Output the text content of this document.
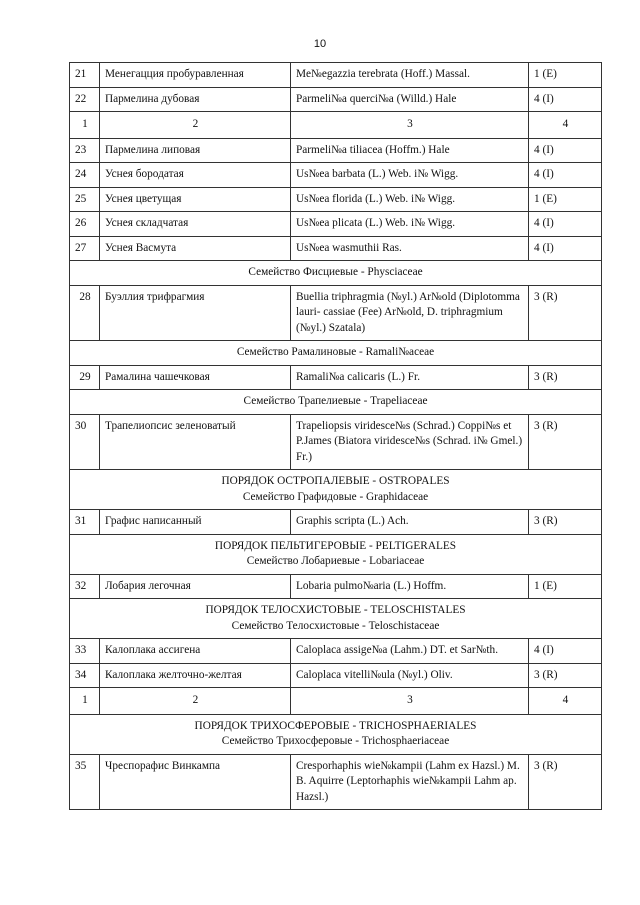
10
21	Менегацция пробуравленная	Me№egazzia terebrata (Hoff.) Massal.	1 (E)
22	Пармелина дубовая	Parmeli№a querci№a (Willd.) Hale	4 (I)
1	2	3	4
23	Пармелина липовая	Parmeli№a tiliacea (Hoffm.) Hale	4 (I)
24	Уснея бородатая	Us№ea barbata (L.) Web. i№ Wigg.	4 (I)
25	Уснея цветущая	Us№ea florida (L.) Web. i№ Wigg.	1 (E)
26	Уснея складчатая	Us№ea plicata (L.) Web. i№ Wigg.	4 (I)
27	Уснея Васмута	Us№ea wasmuthii Ras.	4 (I)

Семейство Фисциевые - Physciaceae			

28	Буэллия трифрагмия	Buellia triphragmia (№yl.) Ar№old (Diplotomma lauri- cassiae (Fee) Ar№old, D. triphragmium (№yl.) Szatala)	3 (R)

Семейство Рамалиновые - Ramali№aceae			

29	Рамалина чашечковая	Ramali№a calicaris (L.) Fr.	3 (R)

Семейство Трапелиевые - Trapeliaceae			

30	Трапелиопсис зеленоватый	Trapeliopsis viridesce№s (Schrad.) Coppi№s et P.James (Biatora viridesce№s (Schrad. i№ Gmel.) Fr.)	3 (R)

ПОРЯДОК ОСТРОПАЛЕВЫЕ - OSTROPALES
Семейство Графидовые - Graphidaceae			

31	Графис написанный	Graphis scripta (L.) Ach.	3 (R)

ПОРЯДОК ПЕЛЬТИГЕРОВЫЕ - PELTIGERALES
Семейство Лобариевые - Lobariaceae			

32	Лобария легочная	Lobaria pulmo№aria (L.) Hoffm.	1 (E)

ПОРЯДОК ТЕЛОСХИСТОВЫЕ - TELOSCHISTALES
Семейство Телосхистовые - Teloschistaceae			

33	Калоплака ассигена	Caloplaca assige№a (Lahm.) DT. et Sar№th.	4 (I)
34	Калоплака желточно-желтая	Caloplaca vitelli№ula (№yl.) Oliv.	3 (R)
1	2	3	4

ПОРЯДОК ТРИХОСФЕРОВЫЕ - TRICHOSPHAERIALES
Семейство Трихосферовые - Trichosphaeriaceae			

35	Чреспорафис Винкампа	Cresporhaphis wie№kampii (Lahm ex Hazsl.) M. B. Aquirre (Leptorhaphis wie№kampii Lahm ap. Hazsl.)	3 (R)
